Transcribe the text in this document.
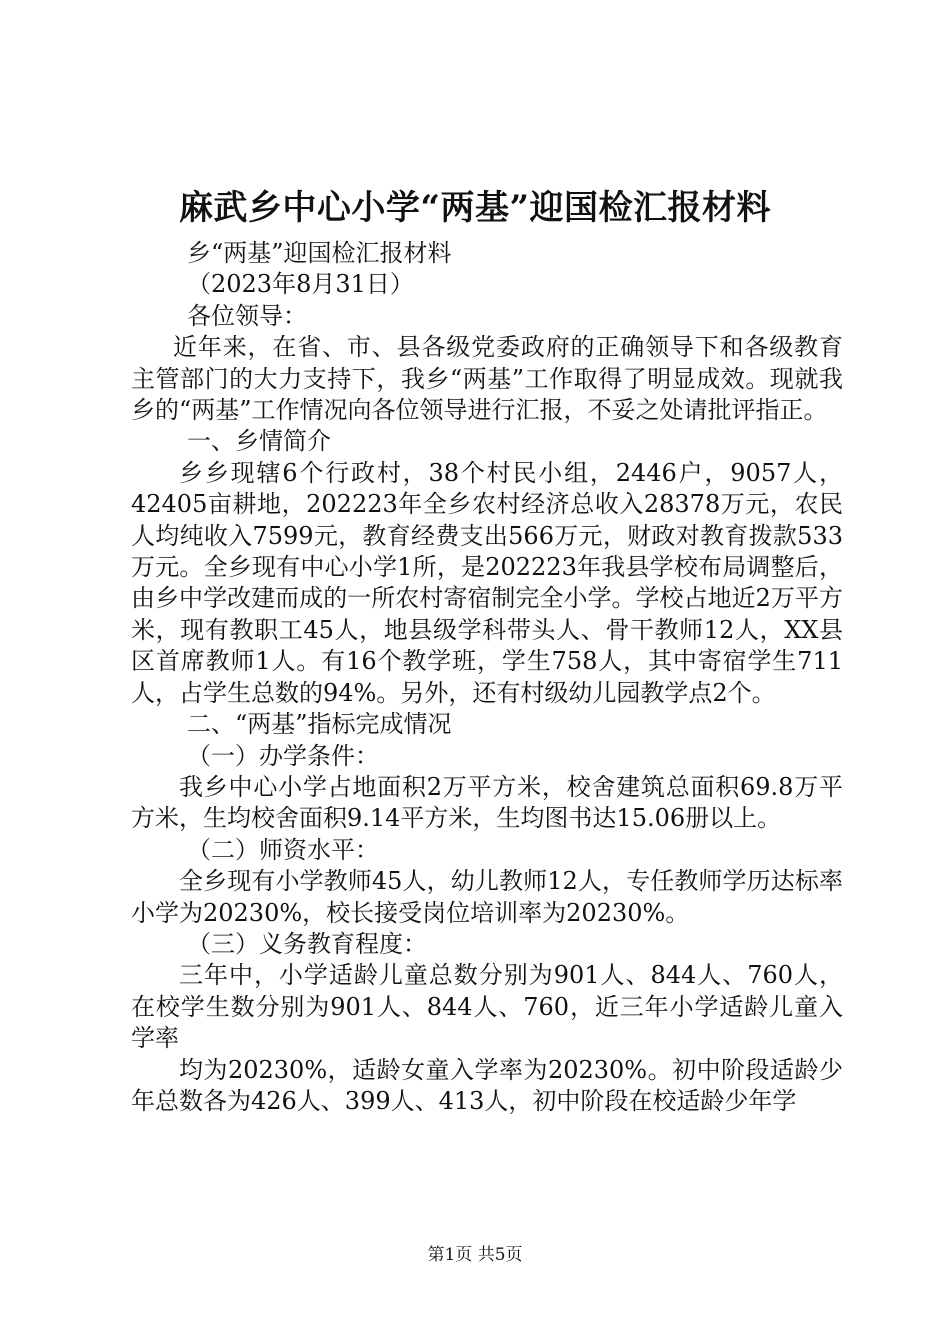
麻武乡中心小学“两基”迎国检汇报材料

乡“两基”迎国检汇报材料

（2023年8月31日）

各位领导：

近年来，在省、市、县各级党委政府的正确领导下和各级教育主管部门的大力支持下，我乡“两基”工作取得了明显成效。现就我乡的“两基”工作情况向各位领导进行汇报，不妥之处请批评指正。

一、乡情简介

乡乡现辖6个行政村，38个村民小组，2446户，9057人，42405亩耕地，202223年全乡农村经济总收入28378万元，农民人均纯收入7599元，教育经费支出566万元，财政对教育拨款533万元。全乡现有中心小学1所，是202223年我县学校布局调整后，由乡中学改建而成的一所农村寄宿制完全小学。学校占地近2万平方米，现有教职工45人，地县级学科带头人、骨干教师12人，XX县区首席教师1人。有16个教学班，学生758人，其中寄宿学生711人，占学生总数的94%。另外，还有村级幼儿园教学点2个。

二、“两基”指标完成情况

（一）办学条件：

我乡中心小学占地面积2万平方米，校舍建筑总面积69.8万平方米，生均校舍面积9.14平方米，生均图书达15.06册以上。

（二）师资水平：

全乡现有小学教师45人，幼儿教师12人，专任教师学历达标率小学为20230%，校长接受岗位培训率为20230%。

（三）义务教育程度：

三年中，小学适龄儿童总数分别为901人、844人、760人，在校学生数分别为901人、844人、760，近三年小学适龄儿童入学率

均为20230%，适龄女童入学率为20230%。初中阶段适龄少年总数各为426人、399人、413人，初中阶段在校适龄少年学

第1页 共5页
